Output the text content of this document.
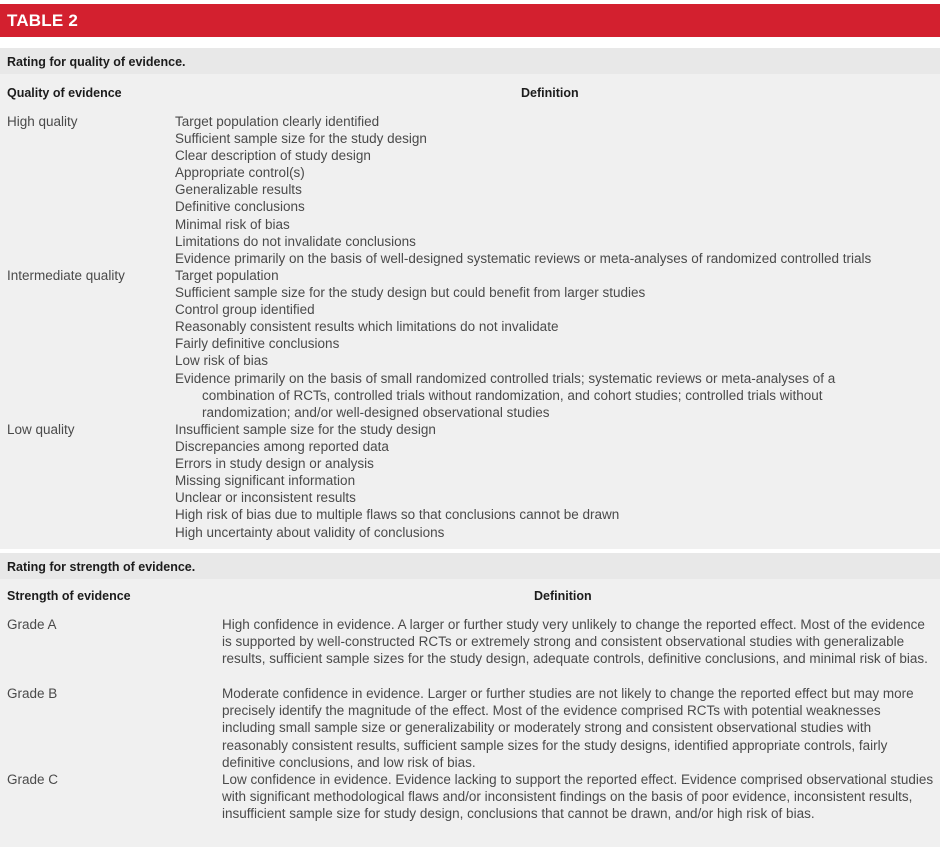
TABLE 2
Rating for quality of evidence.
Quality of evidence	Definition
High quality	Target population clearly identified
Sufficient sample size for the study design
Clear description of study design
Appropriate control(s)
Generalizable results
Definitive conclusions
Minimal risk of bias
Limitations do not invalidate conclusions
Evidence primarily on the basis of well-designed systematic reviews or meta-analyses of randomized controlled trials
Intermediate quality	Target population
Sufficient sample size for the study design but could benefit from larger studies
Control group identified
Reasonably consistent results which limitations do not invalidate
Fairly definitive conclusions
Low risk of bias
Evidence primarily on the basis of small randomized controlled trials; systematic reviews or meta-analyses of a
combination of RCTs, controlled trials without randomization, and cohort studies; controlled trials without
randomization; and/or well-designed observational studies
Low quality	Insufficient sample size for the study design
Discrepancies among reported data
Errors in study design or analysis
Missing significant information
Unclear or inconsistent results
High risk of bias due to multiple flaws so that conclusions cannot be drawn
High uncertainty about validity of conclusions
Rating for strength of evidence.
Strength of evidence	Definition
Grade A	High confidence in evidence. A larger or further study very unlikely to change the reported effect. Most of the evidence is supported by well-constructed RCTs or extremely strong and consistent observational studies with generalizable results, sufficient sample sizes for the study design, adequate controls, definitive conclusions, and minimal risk of bias.
Grade B	Moderate confidence in evidence. Larger or further studies are not likely to change the reported effect but may more precisely identify the magnitude of the effect. Most of the evidence comprised RCTs with potential weaknesses including small sample size or generalizability or moderately strong and consistent observational studies with reasonably consistent results, sufficient sample sizes for the study designs, identified appropriate controls, fairly definitive conclusions, and low risk of bias.
Grade C	Low confidence in evidence. Evidence lacking to support the reported effect. Evidence comprised observational studies with significant methodological flaws and/or inconsistent findings on the basis of poor evidence, inconsistent results, insufficient sample size for study design, conclusions that cannot be drawn, and/or high risk of bias.
